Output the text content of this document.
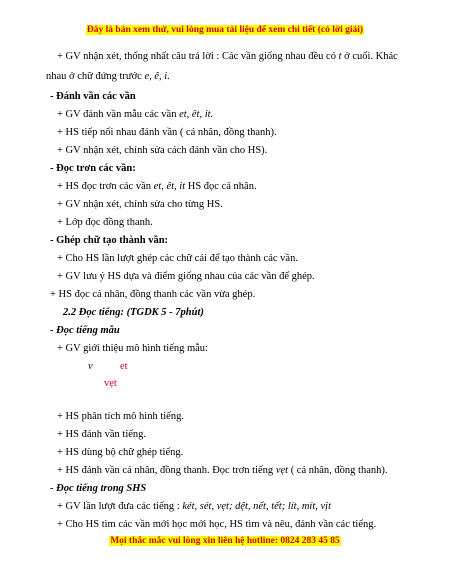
Đây là bản xem thử, vui lòng mua tài liệu để xem chi tiết (có lời giải)
+ GV nhận xét, thống nhất câu trả lời : Các vần giống nhau đều có t ở cuối. Khác
nhau ở chữ đứng trước e, ê, i.
- Đánh vần các vần
+ GV đánh vần mẫu các vần et, êt, it.
+ HS tiếp nối nhau đánh vần ( cá nhân, đồng thanh).
+ GV nhận xét, chỉnh sửa cách đánh vần cho HS).
- Đọc trơn các vần:
+ HS đọc trơn các vần et, êt, it HS đọc cá nhân.
+ GV nhận xét, chỉnh sửa cho từng HS.
+ Lớp đọc đồng thanh.
- Ghép chữ tạo thành vần:
+ Cho HS lần lượt ghép các chữ cái để tạo thành các vần.
+ GV lưu ý HS dựa và điểm giống nhau của các vần để ghép.
+ HS đọc cá nhân, đồng thanh các vần vừa ghép.
2.2 Đọc tiếng: (TGDK 5 - 7phút)
- Đọc tiếng mẫu
+ GV giới thiệu mô hình tiếng mẫu:
v	et
vẹt
+ HS phân tích mô hình tiếng.
+ HS đánh vần tiếng.
+ HS dùng bộ chữ ghép tiếng.
+ HS đánh vần cá nhân, đồng thanh. Đọc trơn tiếng vẹt ( cá nhân, đồng thanh).
- Đọc tiếng trong SHS
+ GV lần lượt đưa các tiếng : két, sét, vẹt; dệt, nết, tết; lít, mít, vịt
+ Cho HS tìm các vần mới học mới học, HS tìm và nêu, đánh vần các tiếng.
Mọi thắc mắc vui lòng xin liên hệ hotline: 0824 283 45 85
